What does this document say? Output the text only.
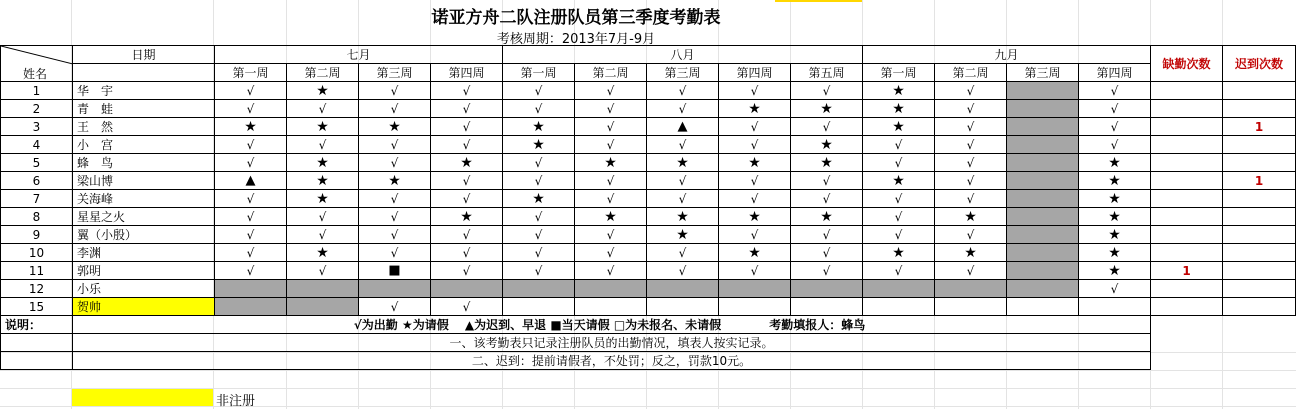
诺亚方舟二队注册队员第三季度考勤表
考核周期：2013年7月-9月
姓名	日期	七月				八月					九月				缺勤次数	迟到次数
		第一周	第二周	第三周	第四周	第一周	第二周	第三周	第四周	第五周	第一周	第二周	第三周	第四周		
1	华　宇	√	★	√	√	√	√	√	√	√	★	√		√		
2	青　蛙	√	√	√	√	√	√	√	★	★	★	√		√		
3	王　然	★	★	★	√	★	√	▲	√	√	★	√		√		1
4	小　宫	√	√	√	√	★	√	√	√	★	√	√		√		
5	蜂　鸟	√	★	√	★	√	★	★	★	★	√	√		★		
6	梁山博	▲	★	★	√	√	√	√	√	√	★	√		★		1
7	关海峰	√	★	√	√	★	√	√	√	√	√	√		★		
8	星星之火	√	√	√	★	√	★	★	★	★	√	★		★		
9	翼（小殷）	√	√	√	√	√	√	★	√	√	√	√		★		
10	李渊	√	★	√	√	√	√	√	★	√	★	★		★		
11	郭明	√	√	■	√	√	√	√	√	√	√	√		★	1	
12	小乐													√		
15	贺帅			√	√											
说明：	√为出勤 ★为请假 　▲为迟到、早退 ■当天请假 □为未报名、未请假 考勤填报人：蜂鸟															
	一、该考勤表只记录注册队员的出勤情况，填表人按实记录。															
	二、迟到：提前请假者，不处罚；反之，罚款10元。															
非注册
